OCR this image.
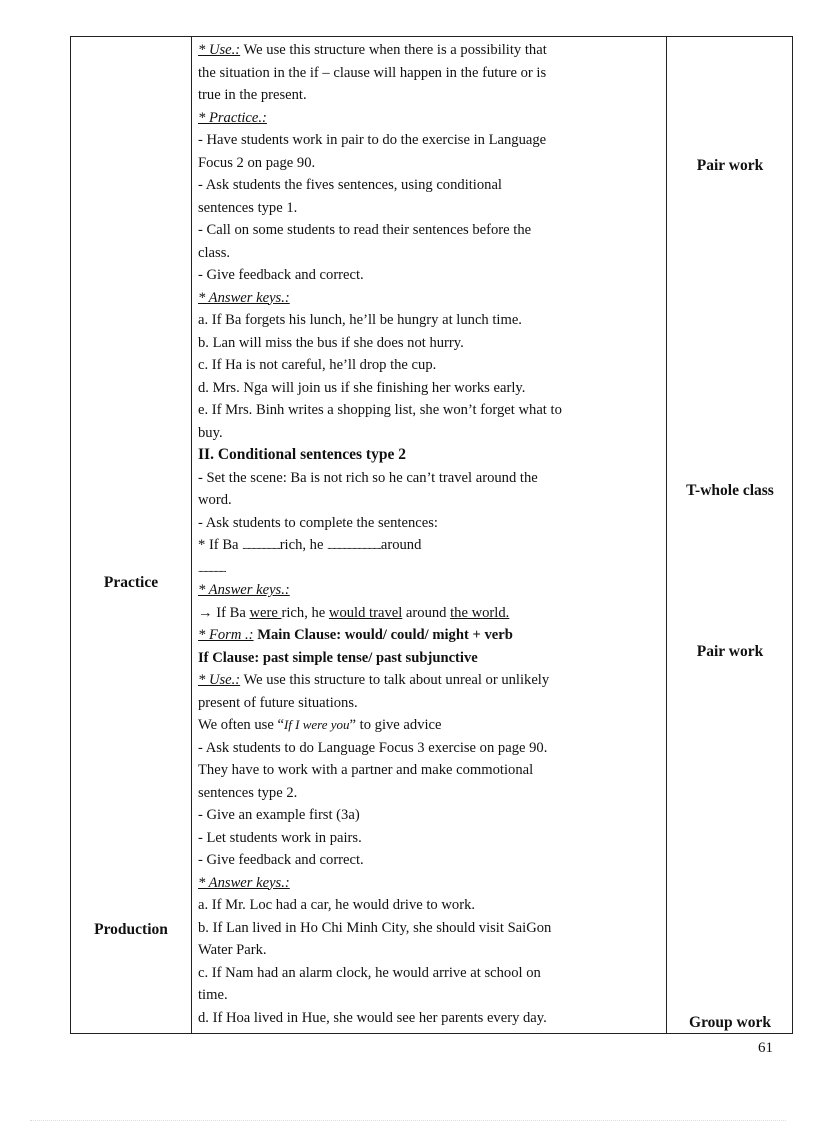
Practice
Production
Pair work
T-whole class
Pair work
Group work
* Use.: We use this structure when there is a possibility that
the situation in the if – clause will happen in the future or is
true in the present.
* Practice.:
- Have students work in pair to do the exercise in Language
Focus 2 on page 90.
- Ask students the fives sentences, using conditional
sentences type 1.
- Call on some students to read their sentences before the
class.
- Give feedback and correct.
* Answer keys.:
a. If Ba forgets his lunch, he’ll be hungry at lunch time.
b. Lan will miss the bus if she does not hurry.
c. If Ha is not careful, he’ll drop the cup.
d. Mrs. Nga will join us if she finishing her works early.
e. If Mrs. Binh writes a shopping list, she won’t forget what to
buy.
II. Conditional sentences type 2
- Set the scene: Ba is not rich so he can’t travel around the
word.
- Ask students to complete the sentences:
* If Ba ..............................rich, he ...........................................around
......................
* Answer keys.:
→ If Ba were rich, he would travel around the world.
* Form .: Main Clause: would/ could/ might + verb
If Clause: past simple tense/ past subjunctive
* Use.: We use this structure to talk about unreal or unlikely
present of future situations.
We often use “If I were you” to give advice
- Ask students to do Language Focus 3 exercise on page 90.
They have to work with a partner and make commotional
sentences type 2.
- Give an example first (3a)
- Let students work in pairs.
- Give feedback and correct.
* Answer keys.:
a. If Mr. Loc had a car, he would drive to work.
b. If Lan lived in Ho Chi Minh City, she should visit SaiGon
Water Park.
c. If Nam had an alarm clock, he would arrive at school on
time.
d. If Hoa lived in Hue, she would see her parents every day.
61
